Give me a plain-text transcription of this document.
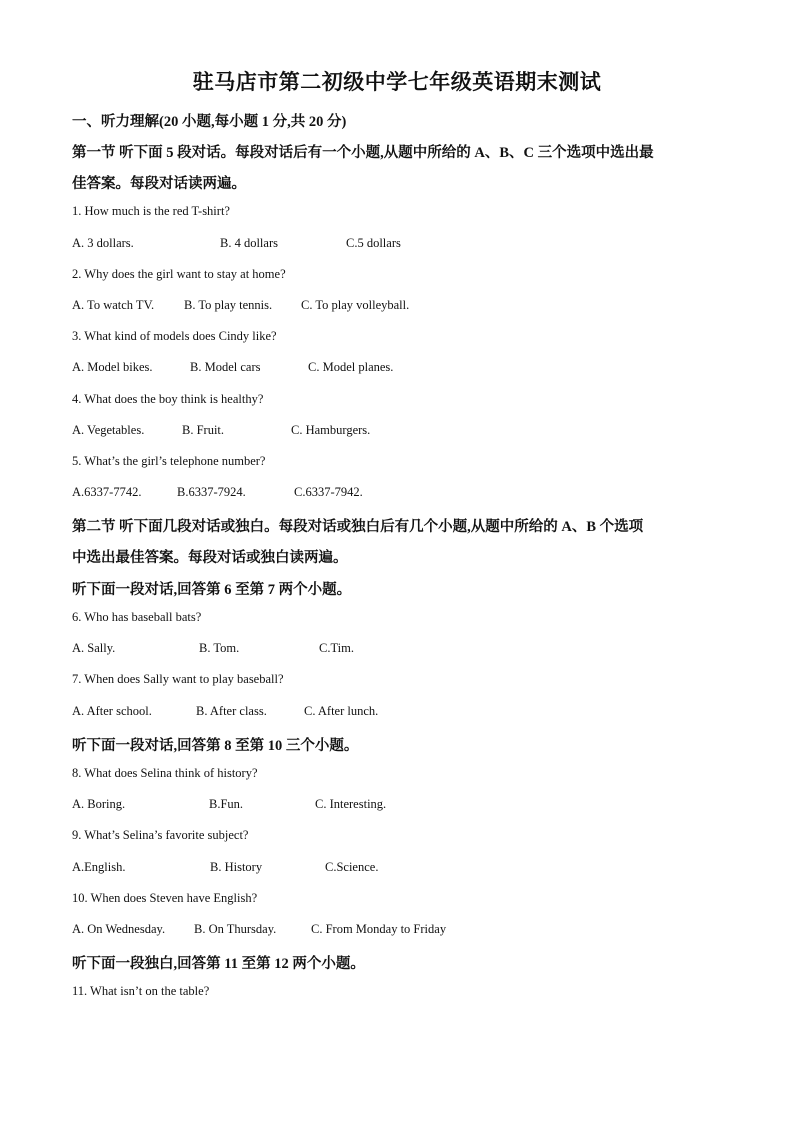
驻马店市第二初级中学七年级英语期末测试
一、听力理解(20 小题,每小题 1 分,共 20 分)
第一节 听下面 5 段对话。每段对话后有一个小题,从题中所给的 A、B、C 三个选项中选出最
佳答案。每段对话读两遍。
1. How much is the red T-shirt?
A. 3 dollars.	B. 4 dollars	C.5 dollars
2. Why does the girl want to stay at home?
A. To watch TV. B. To play tennis. C. To play volleyball.
3. What kind of models does Cindy like?
A. Model bikes.	B. Model cars	C. Model planes.
4. What does the boy think is healthy?
A. Vegetables.	B. Fruit.	C. Hamburgers.
5. What’s the girl’s telephone number?
A.6337-7742.	B.6337-7924.	C.6337-7942.
第二节 听下面几段对话或独白。每段对话或独白后有几个小题,从题中所给的 A、B 个选项
中选出最佳答案。每段对话或独白读两遍。
听下面一段对话,回答第 6 至第 7 两个小题。
6. Who has baseball bats?
A. Sally.	B. Tom.	C.Tim.
7. When does Sally want to play baseball?
A. After school.	B. After class.	C. After lunch.
听下面一段对话,回答第 8 至第 10 三个小题。
8. What does Selina think of history?
A. Boring.	B.Fun.	C. Interesting.
9. What’s Selina’s favorite subject?
A.English.	B. History	C.Science.
10. When does Steven have English?
A. On Wednesday. B. On Thursday.	C. From Monday to Friday
听下面一段独白,回答第 11 至第 12 两个小题。
11. What isn’t on the table?
